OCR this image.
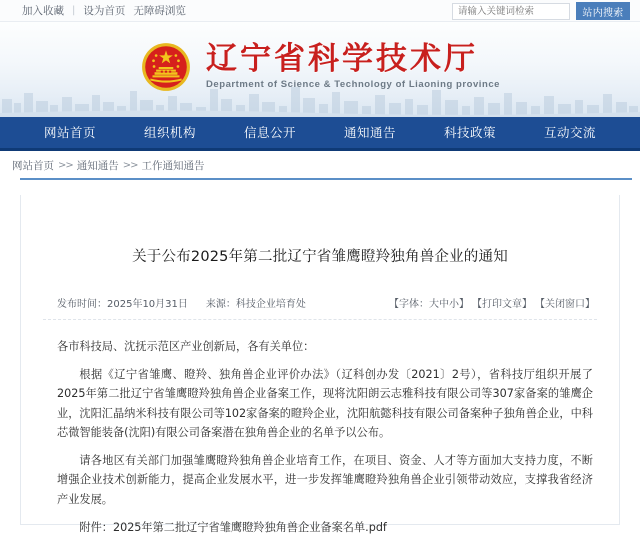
加入收藏 | 设为首页 无障碍浏览
请输入关键词检索	站内搜索
辽宁省科学技术厅
Department of Science & Technology of Liaoning province
网站首页	组织机构	信息公开	通知通告	科技政策	互动交流
网站首页 >> 通知通告 >> 工作通知通告
关于公布2025年第二批辽宁省雏鹰瞪羚独角兽企业的通知
发布时间：2025年10月31日 来源：科技企业培育处	【字体：大中小】 【打印文章】 【关闭窗口】

各市科技局、沈抚示范区产业创新局，各有关单位：

根据《辽宁省雏鹰、瞪羚、独角兽企业评价办法》（辽科创办发〔2021〕2号），省科技厅组织开展了2025年第二批辽宁省雏鹰瞪羚独角兽企业备案工作，现将沈阳朗云志雅科技有限公司等307家备案的雏鹰企业，沈阳汇晶纳米科技有限公司等102家备案的瞪羚企业，沈阳航懿科技有限公司备案种子独角兽企业，中科芯微智能装备(沈阳)有限公司备案潜在独角兽企业的名单予以公布。

请各地区有关部门加强雏鹰瞪羚独角兽企业培育工作，在项目、资金、人才等方面加大支持力度，不断增强企业技术创新能力，提高企业发展水平，进一步发挥雏鹰瞪羚独角兽企业引领带动效应，支撑我省经济产业发展。

附件：2025年第二批辽宁省雏鹰瞪羚独角兽企业备案名单.pdf
